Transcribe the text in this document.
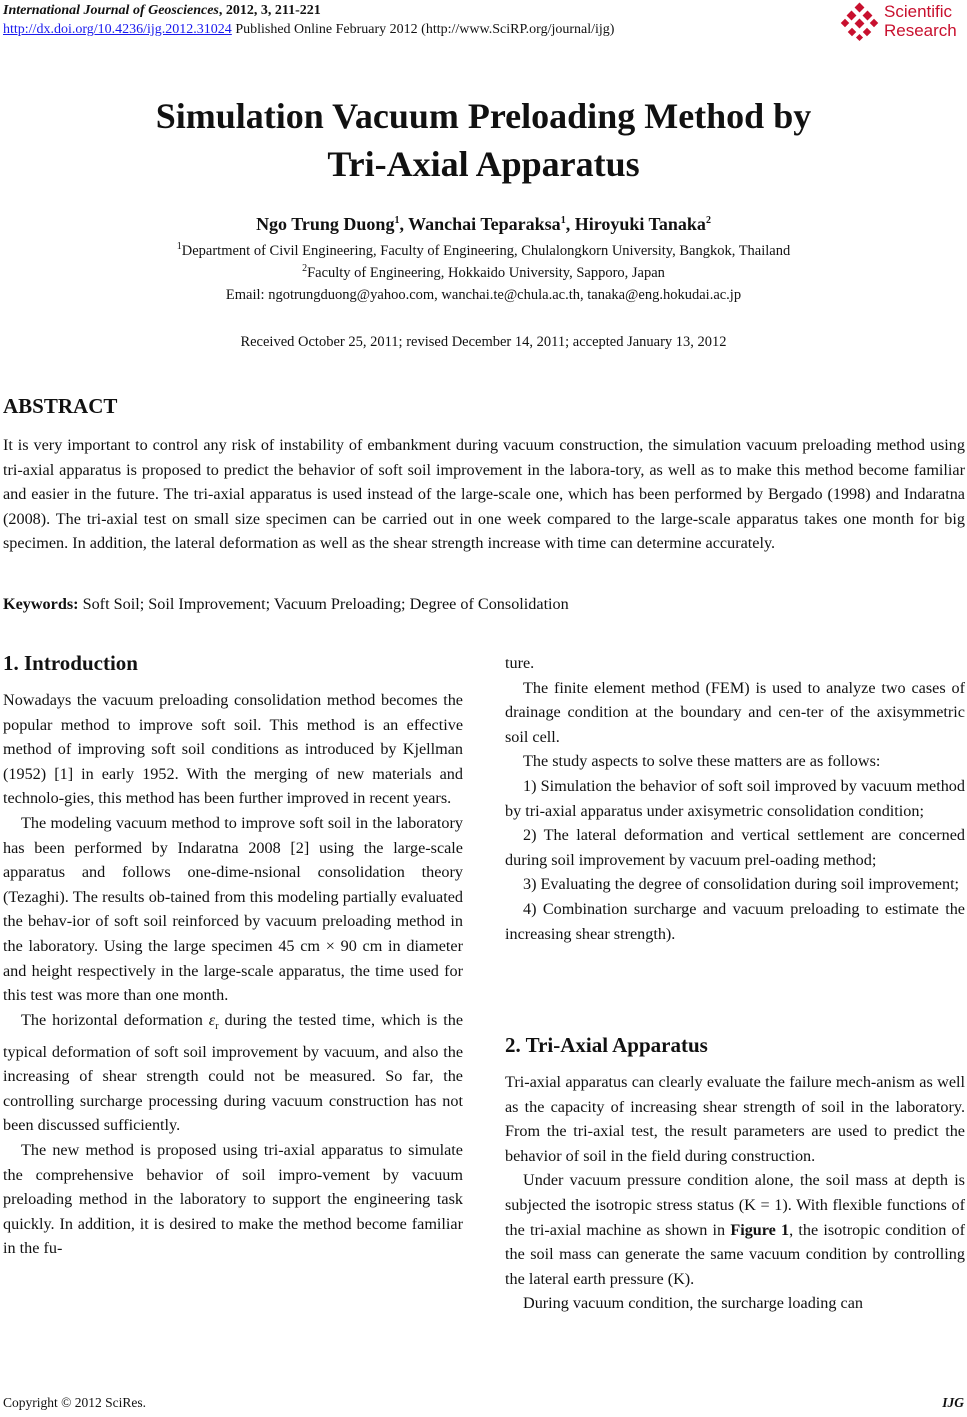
International Journal of Geosciences, 2012, 3, 211-221
http://dx.doi.org/10.4236/ijg.2012.31024 Published Online February 2012 (http://www.SciRP.org/journal/ijg)
Scientific
Research
Simulation Vacuum Preloading Method by
Tri-Axial Apparatus
Ngo Trung Duong$^1$, Wanchai Teparaksa$^1$, Hiroyuki Tanaka$^2$
$^1$Department of Civil Engineering, Faculty of Engineering, Chulalongkorn University, Bangkok, Thailand
$^2$Faculty of Engineering, Hokkaido University, Sapporo, Japan
Email: ngotrungduong@yahoo.com, wanchai.te@chula.ac.th, tanaka@eng.hokudai.ac.jp
Received October 25, 2011; revised December 14, 2011; accepted January 13, 2012
ABSTRACT
It is very important to control any risk of instability of embankment during vacuum construction, the simulation vacuum preloading method using tri-axial apparatus is proposed to predict the behavior of soft soil improvement in the labora-tory, as well as to make this method become familiar and easier in the future. The tri-axial apparatus is used instead of the large-scale one, which has been performed by Bergado (1998) and Indaratna (2008). The tri-axial test on small size specimen can be carried out in one week compared to the large-scale apparatus takes one month for big specimen. In addition, the lateral deformation as well as the shear strength increase with time can determine accurately.
Keywords: Soft Soil; Soil Improvement; Vacuum Preloading; Degree of Consolidation
1. Introduction

Nowadays the vacuum preloading consolidation method becomes the popular method to improve soft soil. This method is an effective method of improving soft soil conditions as introduced by Kjellman (1952) [1] in early 1952. With the merging of new materials and technolo-gies, this method has been further improved in recent years.

The modeling vacuum method to improve soft soil in the laboratory has been performed by Indaratna 2008 [2] using the large-scale apparatus and follows one-dime-nsional consolidation theory (Tezaghi). The results ob-tained from this modeling partially evaluated the behav-ior of soft soil reinforced by vacuum preloading method in the laboratory. Using the large specimen 45 cm × 90 cm in diameter and height respectively in the large-scale apparatus, the time used for this test was more than one month.

The horizontal deformation $\varepsilon_r$ during the tested time, which is the typical deformation of soft soil improvement by vacuum, and also the increasing of shear strength could not be measured. So far, the controlling surcharge processing during vacuum construction has not been discussed sufficiently.

The new method is proposed using tri-axial apparatus to simulate the comprehensive behavior of soil impro-vement by vacuum preloading method in the laboratory to support the engineering task quickly. In addition, it is desired to make the method become familiar in the fu-

ture.

The finite element method (FEM) is used to analyze two cases of drainage condition at the boundary and cen-ter of the axisymmetric soil cell.

The study aspects to solve these matters are as follows:

1) Simulation the behavior of soft soil improved by vacuum method by tri-axial apparatus under axisymetric consolidation condition;

2) The lateral deformation and vertical settlement are concerned during soil improvement by vacuum prel-oading method;

3) Evaluating the degree of consolidation during soil improvement;

4) Combination surcharge and vacuum preloading to estimate the increasing shear strength).

2. Tri-Axial Apparatus

Tri-axial apparatus can clearly evaluate the failure mech-anism as well as the capacity of increasing shear strength of soil in the laboratory. From the tri-axial test, the result parameters are used to predict the behavior of soil in the field during construction.

Under vacuum pressure condition alone, the soil mass at depth is subjected the isotropic stress status (K = 1). With flexible functions of the tri-axial machine as shown in Figure 1, the isotropic condition of the soil mass can generate the same vacuum condition by controlling the lateral earth pressure (K).

During vacuum condition, the surcharge loading can

Copyright © 2012 SciRes.	IJG
